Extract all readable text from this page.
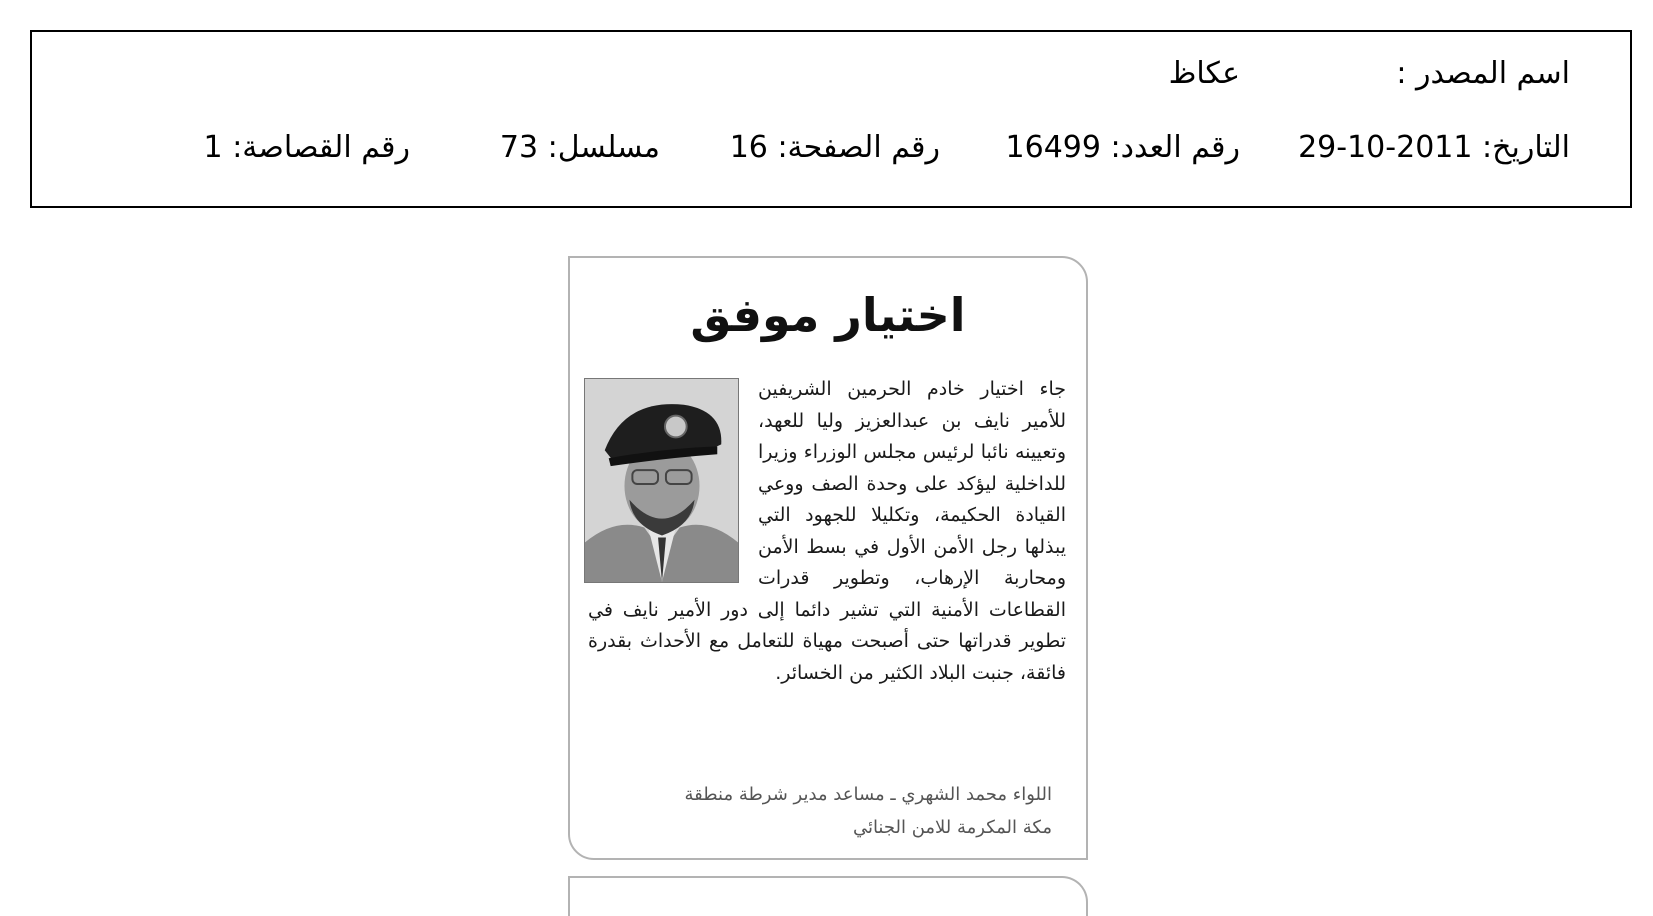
اسم المصدر :
عكاظ
التاريخ: 2011-10-29
رقم العدد: 16499
رقم الصفحة: 16
مسلسل: 73
رقم القصاصة: 1
اختيار موفق
جاء اختيار خادم الحرمين الشريفين للأمير نايف بن عبدالعزيز وليا للعهد، وتعيينه نائبا لرئيس مجلس الوزراء وزيرا للداخلية ليؤكد على وحدة الصف ووعي القيادة الحكيمة، وتكليلا للجهود التي يبذلها رجل الأمن الأول في بسط الأمن ومحاربة الإرهاب، وتطوير قدرات القطاعات الأمنية التي تشير دائما إلى دور الأمير نايف في تطوير قدراتها حتى أصبحت مهياة للتعامل مع الأحداث بقدرة فائقة، جنبت البلاد الكثير من الخسائر.
اللواء محمد الشهري ـ مساعد مدير شرطة منطقة
مكة المكرمة للامن الجنائي
